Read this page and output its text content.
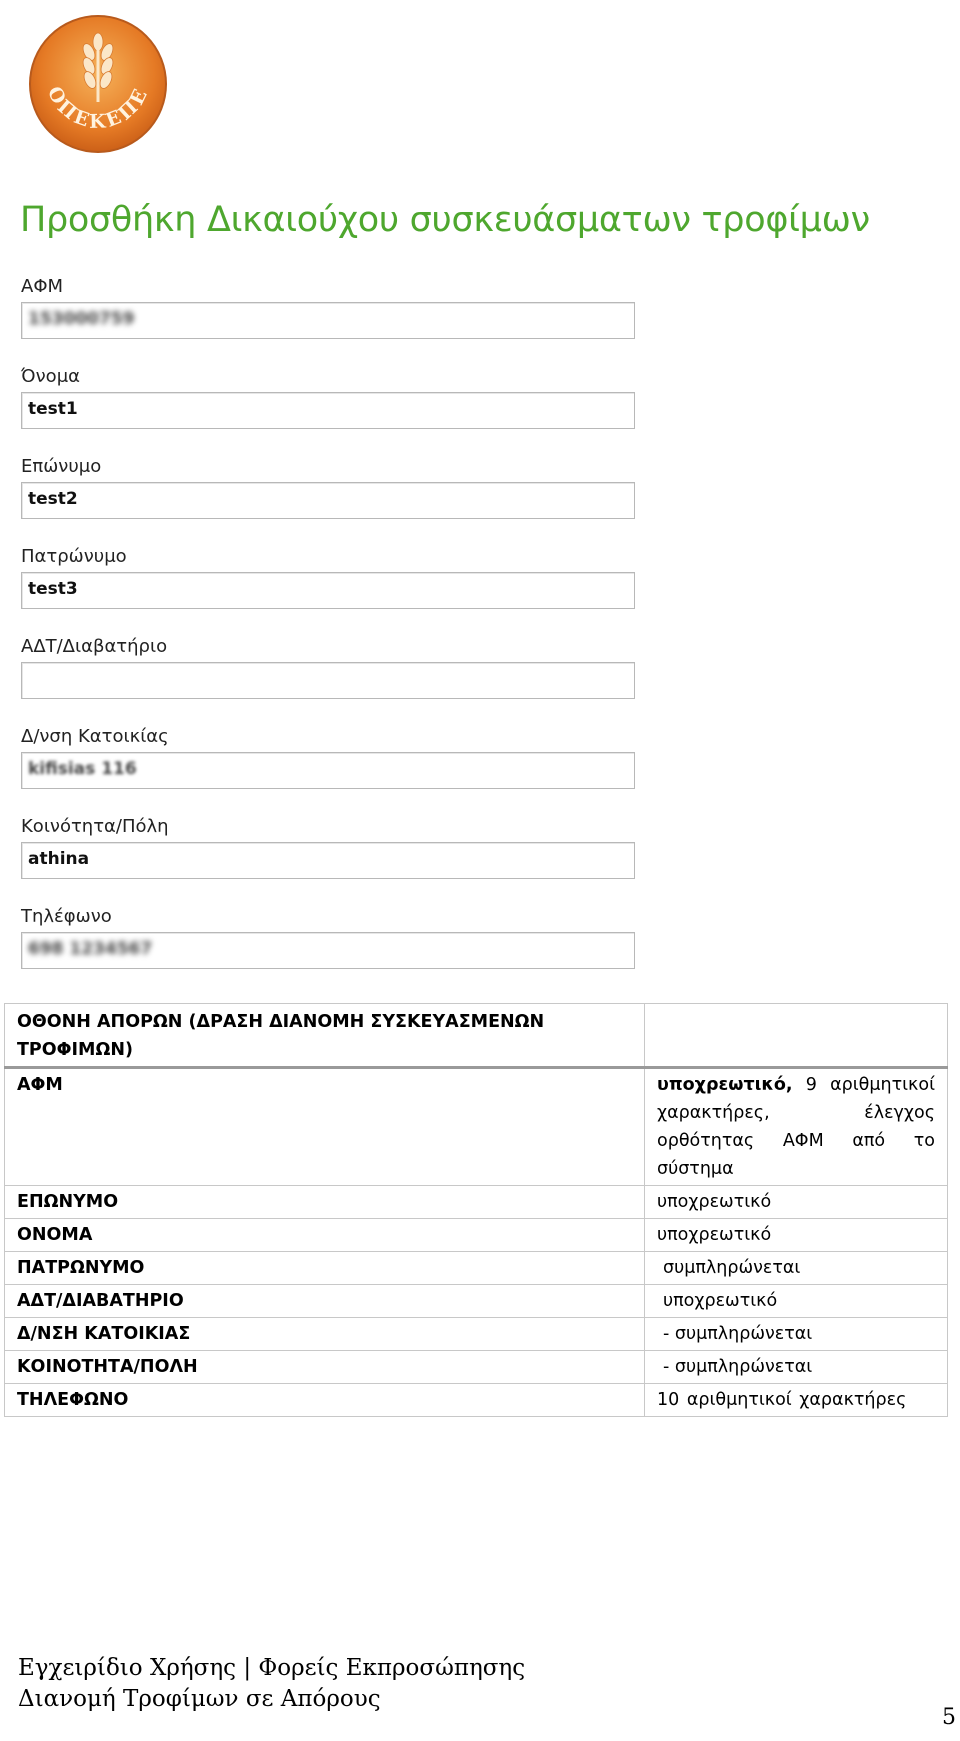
ΟΠΕΚΕΠΕ
Προσθήκη Δικαιούχου συσκευάσματων τροφίμων
ΑΦΜ
153000759
Όνομα
test1
Επώνυμο
test2
Πατρώνυμο
test3
ΑΔΤ/Διαβατήριο
Δ/νση Κατοικίας
kifisias 116
Κοινότητα/Πόλη
athina
Τηλέφωνο
698 1234567
ΟΘΟΝΗ ΑΠΟΡΩΝ (ΔΡΑΣΗ ΔΙΑΝΟΜΗ ΣΥΣΚΕΥΑΣΜΕΝΩΝ ΤΡΟΦΙΜΩΝ)	
ΑΦΜ	υποχρεωτικό, 9 αριθμητικοί χαρακτήρες, έλεγχος ορθότητας ΑΦΜ από το σύστημα
ΕΠΩΝΥΜΟ	υποχρεωτικό
ΟΝΟΜΑ	υποχρεωτικό
ΠΑΤΡΩΝΥΜΟ	συμπληρώνεται
ΑΔΤ/ΔΙΑΒΑΤΗΡΙΟ	υποχρεωτικό
Δ/ΝΣΗ ΚΑΤΟΙΚΙΑΣ	- συμπληρώνεται
ΚΟΙΝΟΤΗΤΑ/ΠΟΛΗ	- συμπληρώνεται
ΤΗΛΕΦΩΝΟ	10 αριθμητικοί χαρακτήρες
Εγχειρίδιο Χρήσης | Φορείς Εκπροσώπησης
Διανομή Τροφίμων σε Απόρους
5
